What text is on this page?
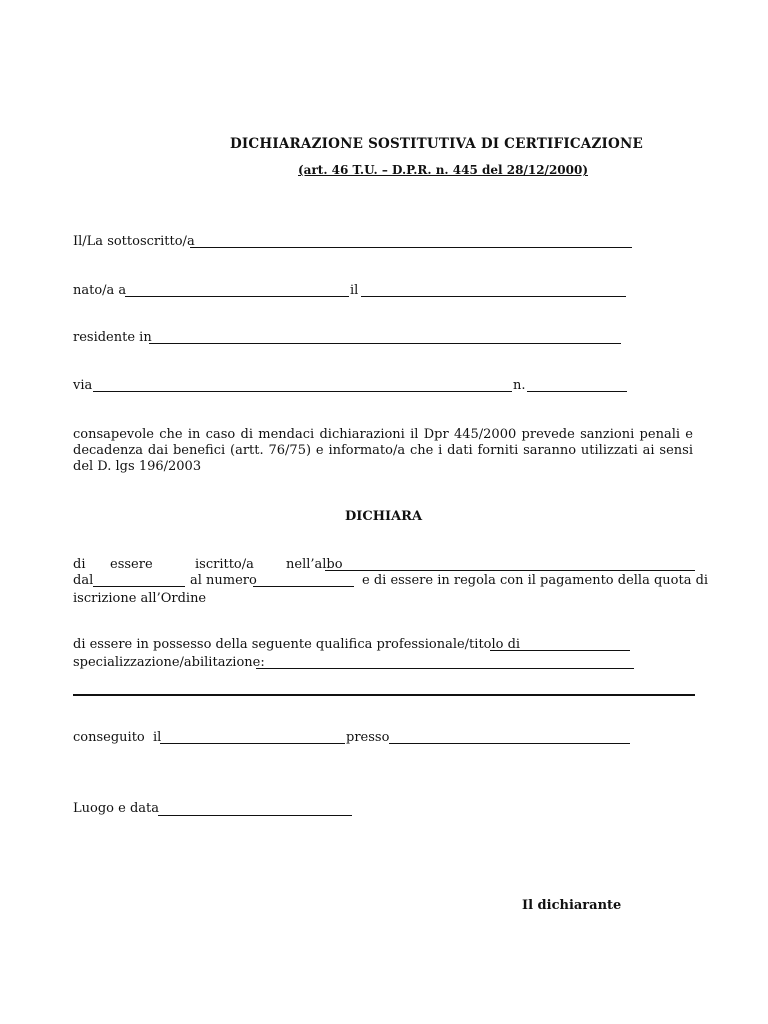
DICHIARAZIONE SOSTITUTIVA DI CERTIFICAZIONE
(art. 46 T.U. – D.P.R. n. 445 del 28/12/2000)
Il/La sottoscritto/a
nato/a a	il
residente in
via	n.
consapevole che in caso di mendaci dichiarazioni il Dpr 445/2000 prevede sanzioni penali e decadenza dai benefici (artt. 76/75) e informato/a che i dati forniti saranno utilizzati ai sensi del D. lgs 196/2003
DICHIARA
di essere	iscritto/a nell’albo
dal	al numero	e di essere in regola con il pagamento della quota di
iscrizione all’Ordine
di essere in possesso della seguente qualifica professionale/titolo di
specializzazione/abilitazione:
conseguito  il	presso
Luogo e data
Il dichiarante
